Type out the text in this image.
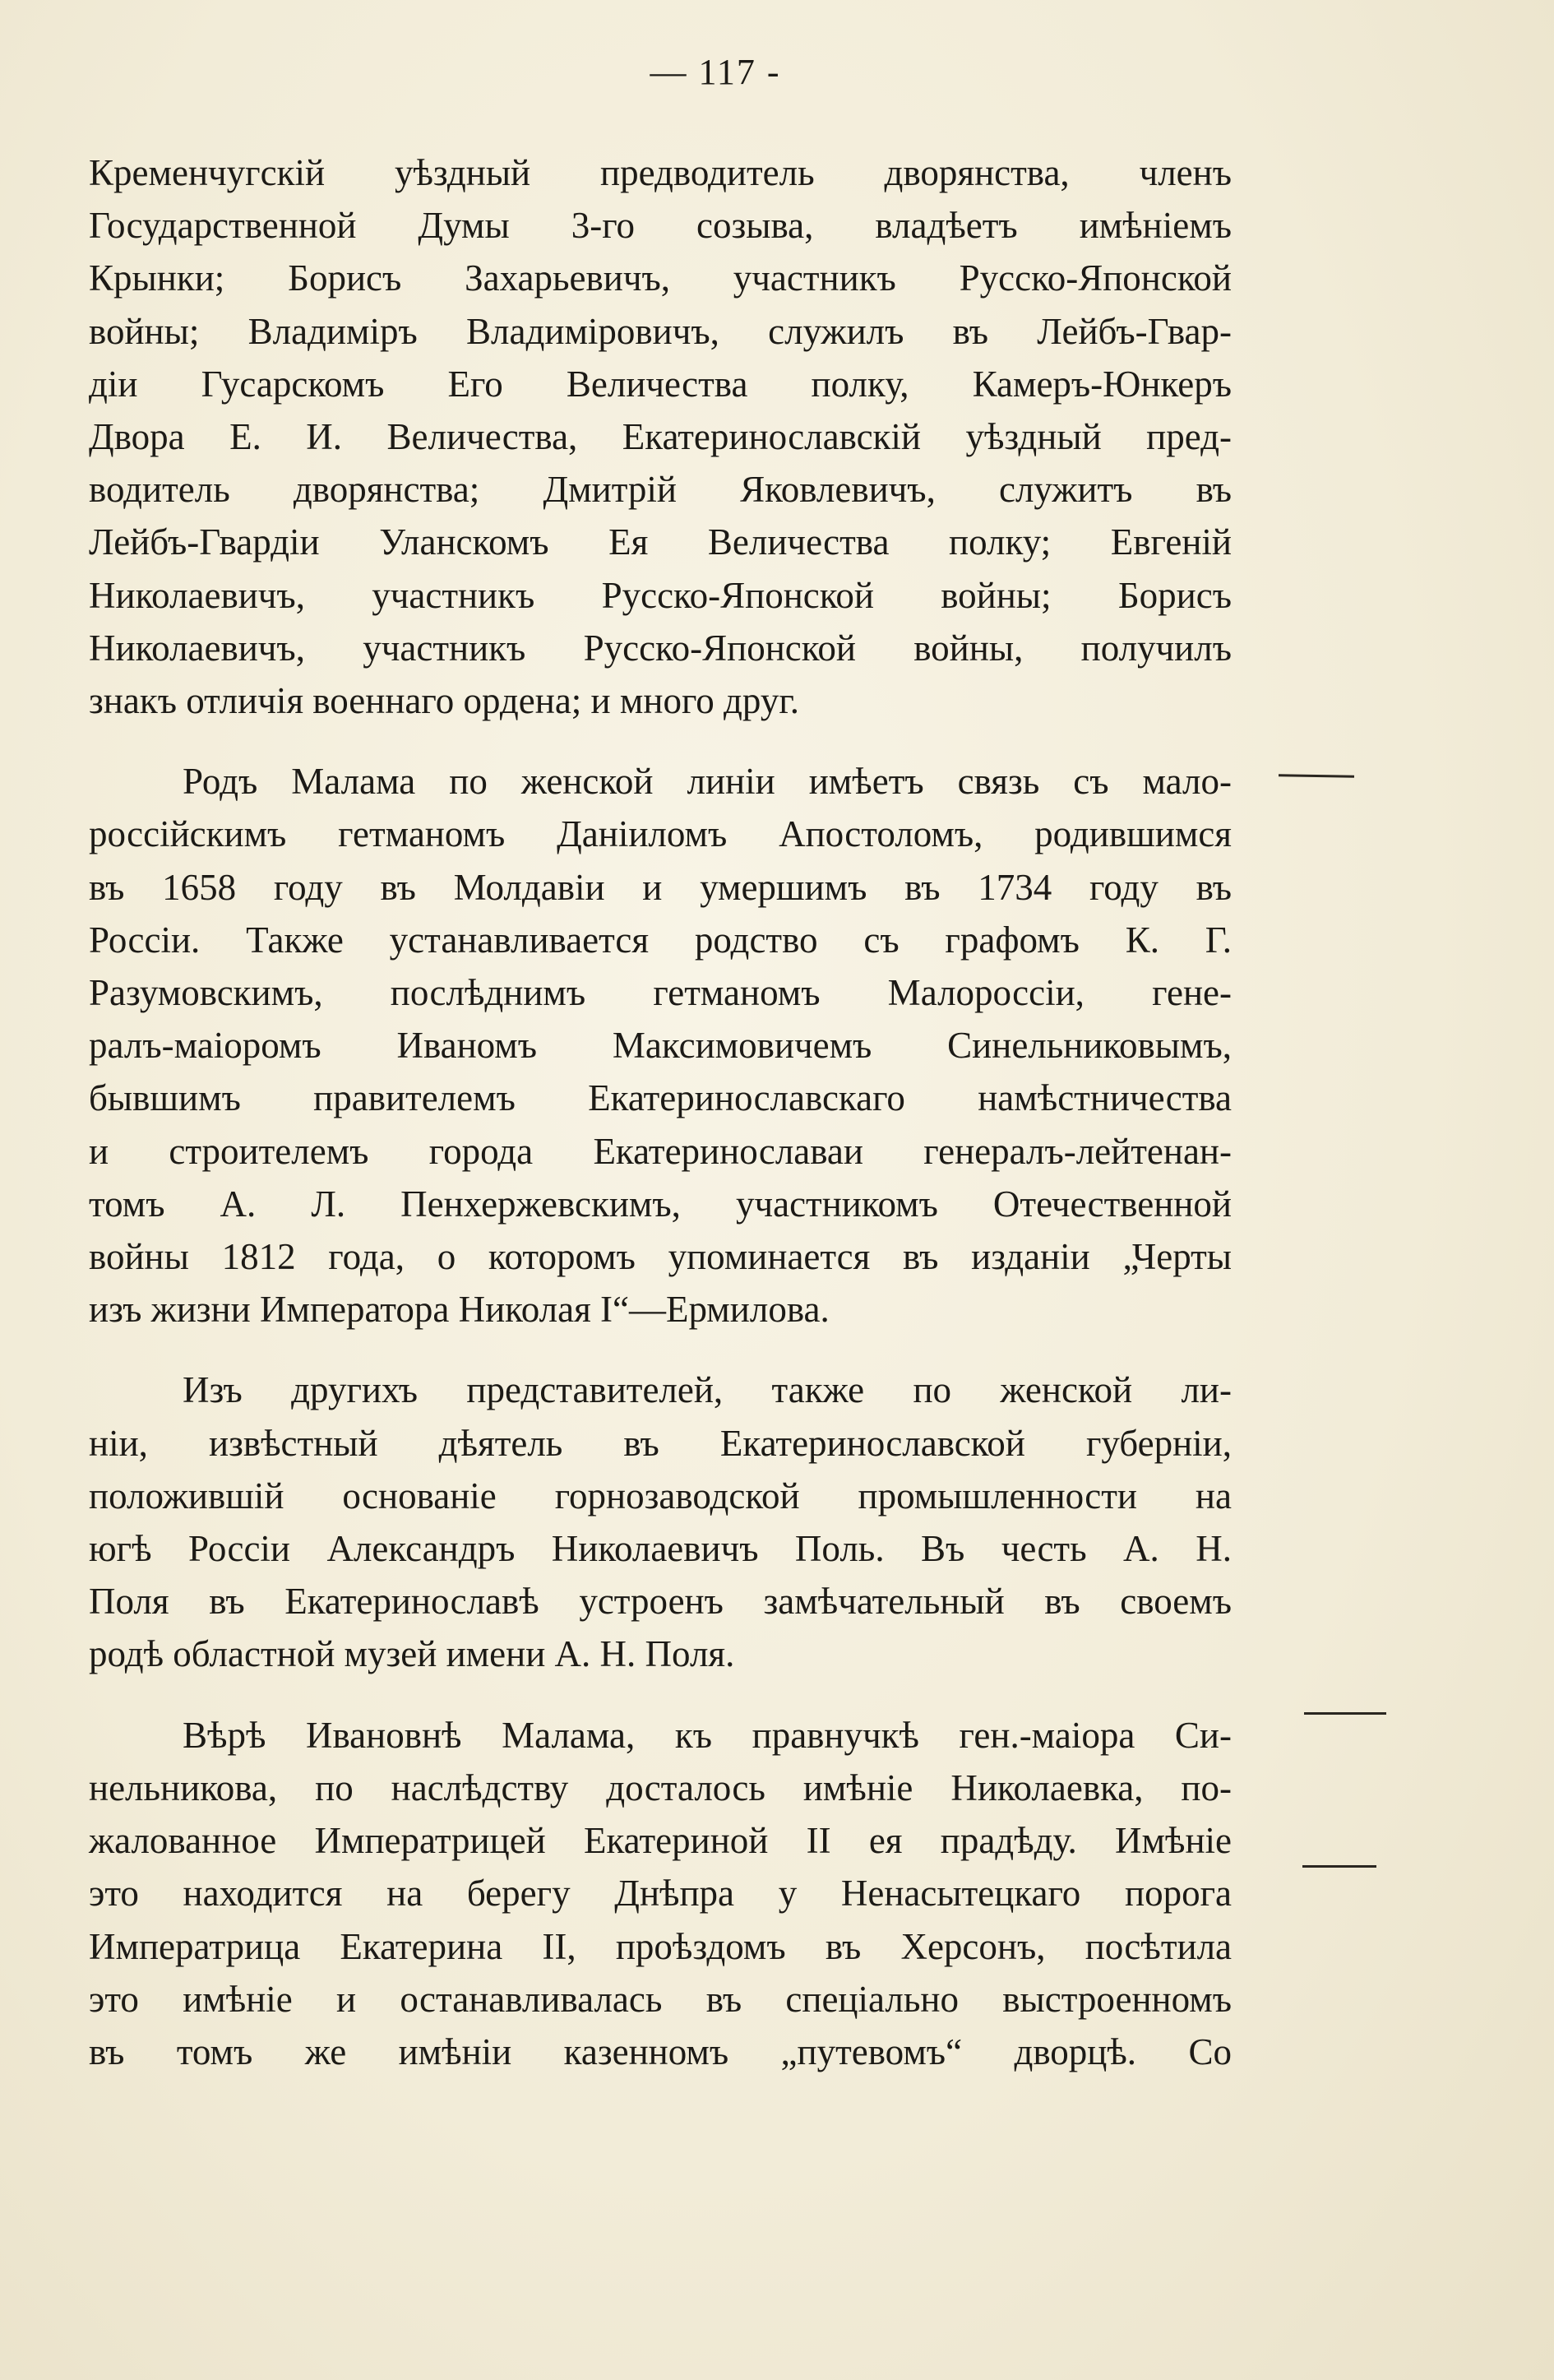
— 117 -
Кременчугскій уѣздный предводитель дворянства, членъ
Государственной Думы 3-го созыва, владѣетъ имѣніемъ
Крынки; Борисъ Захарьевичъ, участникъ Русско-Японской
войны; Владиміръ Владиміровичъ, служилъ въ Лейбъ-Гвар-
діи Гусарскомъ Его Величества полку, Камеръ-Юнкеръ
Двора Е. И. Величества, Екатеринославскій уѣздный пред-
водитель дворянства; Дмитрій Яковлевичъ, служитъ въ
Лейбъ-Гвардіи Уланскомъ Ея Величества полку; Евгеній
Николаевичъ, участникъ Русско-Японской войны; Борисъ
Николаевичъ, участникъ Русско-Японской войны, получилъ
знакъ отличія военнаго ордена; и много друг.
Родъ Малама по женской линіи имѣетъ связь съ мало-
россійскимъ гетманомъ Даніиломъ Апостоломъ, родившимся
въ 1658 году въ Молдавіи и умершимъ въ 1734 году въ
Россіи. Также устанавливается родство съ графомъ К. Г.
Разумовскимъ, послѣднимъ гетманомъ Малороссіи, гене-
ралъ-маіоромъ Иваномъ Максимовичемъ Синельниковымъ,
бывшимъ правителемъ Екатеринославскаго намѣстничества
и строителемъ города Екатеринославаи генералъ-лейтенан-
томъ А. Л. Пенхержевскимъ, участникомъ Отечественной
войны 1812 года, о которомъ упоминается въ изданіи „Черты
изъ жизни Императора Николая I“—Ермилова.
Изъ другихъ представителей, также по женской ли-
ніи, извѣстный дѣятель въ Екатеринославской губерніи,
положившій основаніе горнозаводской промышленности на
югѣ Россіи Александръ Николаевичъ Поль. Въ честь А. Н.
Поля въ Екатеринославѣ устроенъ замѣчательный въ своемъ
родѣ областной музей имени А. Н. Поля.
Вѣрѣ Ивановнѣ Малама, къ правнучкѣ ген.-маіора Си-
нельникова, по наслѣдству досталось имѣніе Николаевка, по-
жалованное Императрицей Екатериной II ея прадѣду. Имѣніе
это находится на берегу Днѣпра у Ненасытецкаго порога
Императрица Екатерина II, проѣздомъ въ Херсонъ, посѣтила
это имѣніе и останавливалась въ спеціально выстроенномъ
въ томъ же имѣніи казенномъ „путевомъ“ дворцѣ. Со
